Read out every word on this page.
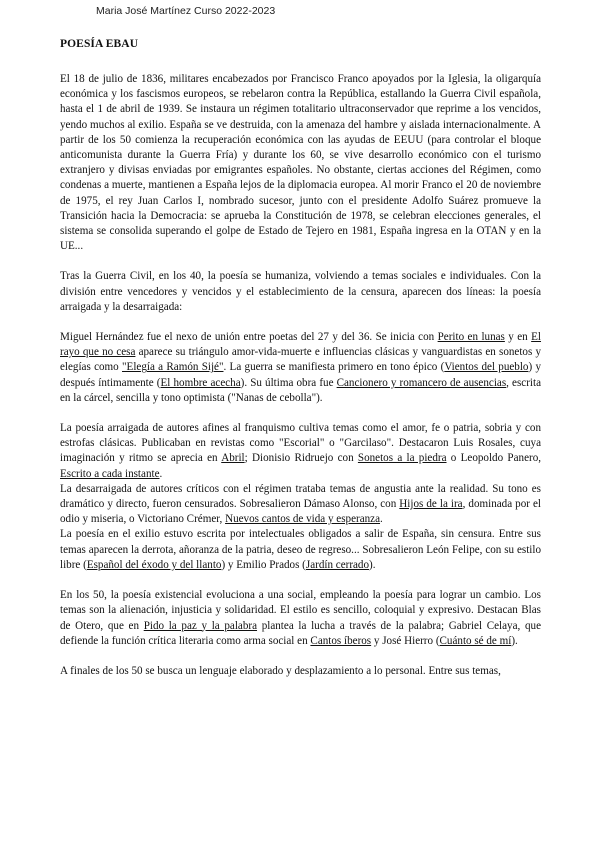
Maria José Martínez Curso 2022-2023
POESÍA EBAU

El 18 de julio de 1836, militares encabezados por Francisco Franco apoyados por la Iglesia, la oligarquía económica y los fascismos europeos, se rebelaron contra la República, estallando la Guerra Civil española, hasta el 1 de abril de 1939. Se instaura un régimen totalitario ultraconservador que reprime a los vencidos, yendo muchos al exilio. España se ve destruida, con la amenaza del hambre y aislada internacionalmente. A partir de los 50 comienza la recuperación económica con las ayudas de EEUU (para controlar el bloque anticomunista durante la Guerra Fría) y durante los 60, se vive desarrollo económico con el turismo extranjero y divisas enviadas por emigrantes españoles. No obstante, ciertas acciones del Régimen, como condenas a muerte, mantienen a España lejos de la diplomacia europea. Al morir Franco el 20 de noviembre de 1975, el rey Juan Carlos I, nombrado sucesor, junto con el presidente Adolfo Suárez promueve la Transición hacia la Democracia: se aprueba la Constitución de 1978, se celebran elecciones generales, el sistema se consolida superando el golpe de Estado de Tejero en 1981, España ingresa en la OTAN y en la UE...

Tras la Guerra Civil, en los 40, la poesía se humaniza, volviendo a temas sociales e individuales. Con la división entre vencedores y vencidos y el establecimiento de la censura, aparecen dos líneas: la poesía arraigada y la desarraigada:

Miguel Hernández fue el nexo de unión entre poetas del 27 y del 36. Se inicia con Perito en lunas y en El rayo que no cesa aparece su triángulo amor-vida-muerte e influencias clásicas y vanguardistas en sonetos y elegías como "Elegía a Ramón Sijé". La guerra se manifiesta primero en tono épico (Vientos del pueblo) y después íntimamente (El hombre acecha). Su última obra fue Cancionero y romancero de ausencias, escrita en la cárcel, sencilla y tono optimista ("Nanas de cebolla").

La poesía arraigada de autores afines al franquismo cultiva temas como el amor, fe o patria, sobria y con estrofas clásicas. Publicaban en revistas como "Escorial" o "Garcilaso". Destacaron Luis Rosales, cuya imaginación y ritmo se aprecia en Abril; Dionisio Ridruejo con Sonetos a la piedra o Leopoldo Panero, Escrito a cada instante.

La desarraigada de autores críticos con el régimen trataba temas de angustia ante la realidad. Su tono es dramático y directo, fueron censurados. Sobresalieron Dámaso Alonso, con Hijos de la ira, dominada por el odio y miseria, o Victoriano Crémer, Nuevos cantos de vida y esperanza.

La poesía en el exilio estuvo escrita por intelectuales obligados a salir de España, sin censura. Entre sus temas aparecen la derrota, añoranza de la patria, deseo de regreso... Sobresalieron León Felipe, con su estilo libre (Español del éxodo y del llanto) y Emilio Prados (Jardín cerrado).

En los 50, la poesía existencial evoluciona a una social, empleando la poesía para lograr un cambio. Los temas son la alienación, injusticia y solidaridad. El estilo es sencillo, coloquial y expresivo. Destacan Blas de Otero, que en Pido la paz y la palabra plantea la lucha a través de la palabra; Gabriel Celaya, que defiende la función crítica literaria como arma social en Cantos íberos y José Hierro (Cuánto sé de mí).

A finales de los 50 se busca un lenguaje elaborado y desplazamiento a lo personal. Entre sus temas,
